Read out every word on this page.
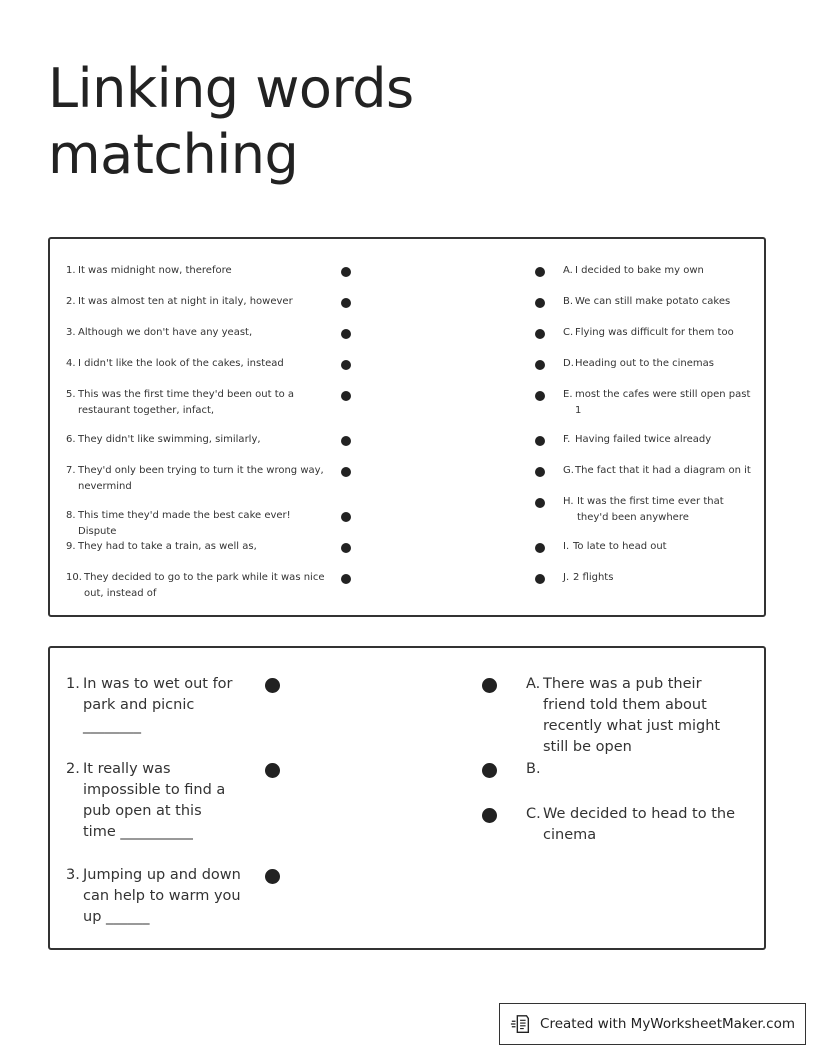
Linking words
matching
1. It was midnight now, therefore
2. It was almost ten at night in italy, however
3. Although we don't have any yeast,
4. I didn't like the look of the cakes, instead
5. This was the first time they'd been out to a restaurant together, infact,
6. They didn't like swimming, similarly,
7. They'd only been trying to turn it the wrong way, nevermind
8. This time they'd made the best cake ever! Dispute
9. They had to take a train, as well as,
10. They decided to go to the park while it was nice out, instead of
A. I decided to bake my own
B. We can still make potato cakes
C. Flying was difficult for them too
D. Heading out to the cinemas
E. most the cafes were still open past 1
F. Having failed twice already
G. The fact that it had a diagram on it
H. It was the first time ever that they'd been anywhere
I. To late to head out
J. 2 flights
1. In was to wet out for park and picnic ________
2. It really was impossible to find a pub open at this time __________
3. Jumping up and down can help to warm you up ______
A. There was a pub their friend told them about recently what just might still be open
B.
C. We decided to head to the cinema
Created with MyWorksheetMaker.com
